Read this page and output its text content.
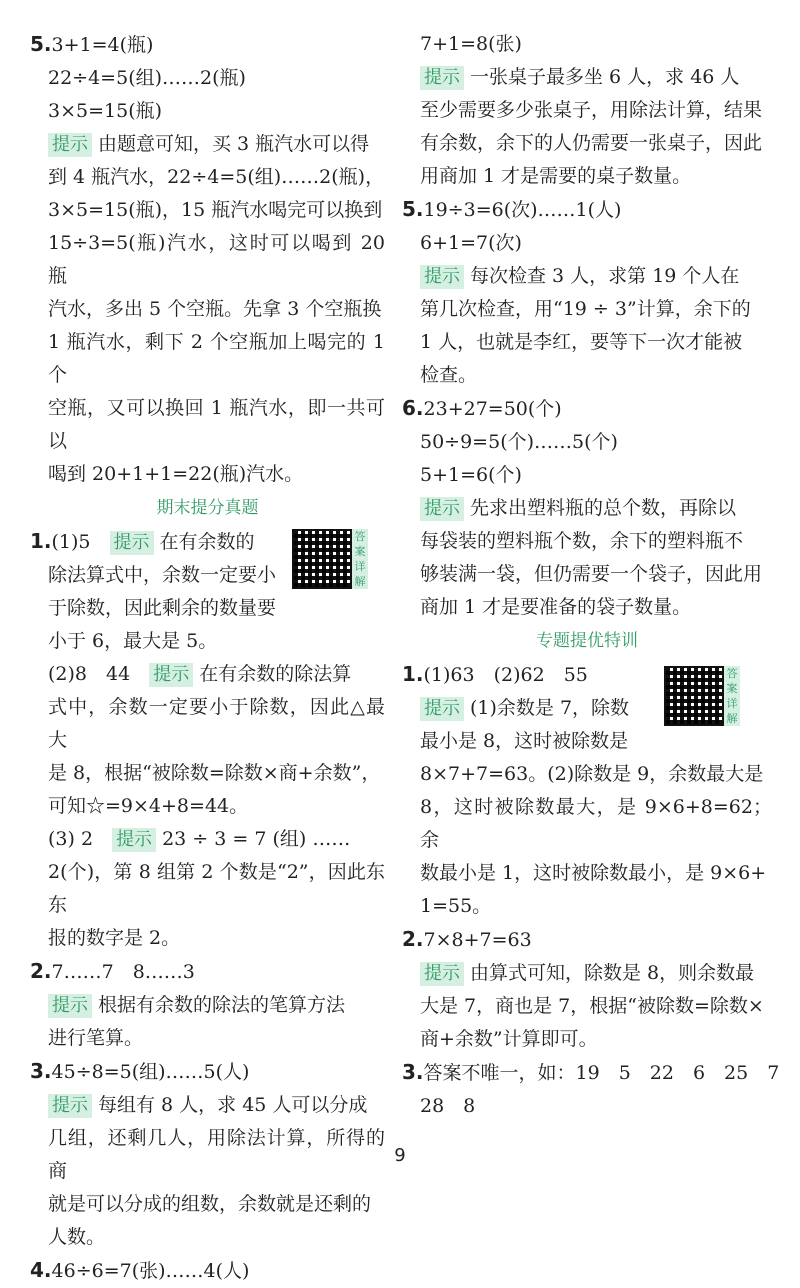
5.3+1=4(瓶)
22÷4=5(组)……2(瓶)
3×5=15(瓶)
提示 由题意可知，买 3 瓶汽水可以得
到 4 瓶汽水，22÷4=5(组)……2(瓶)，
3×5=15(瓶)，15 瓶汽水喝完可以换到
15÷3=5(瓶)汽水，这时可以喝到 20 瓶
汽水，多出 5 个空瓶。先拿 3 个空瓶换
1 瓶汽水，剩下 2 个空瓶加上喝完的 1 个
空瓶，又可以换回 1 瓶汽水，即一共可以
喝到 20+1+1=22(瓶)汽水。
期末提分真题
1.(1)5　 提示 在有余数的
除法算式中，余数一定要小
于除数，因此剩余的数量要
小于 6，最大是 5。
答案详解
(2)8　44　 提示 在有余数的除法算
式中，余数一定要小于除数，因此△最大
是 8，根据“被除数=除数×商+余数”，
可知☆=9×4+8=44。
(3) 2　 提示 23 ÷ 3 = 7 (组) ……
2(个)，第 8 组第 2 个数是“2”，因此东东
报的数字是 2。
2.7……7　8……3
提示 根据有余数的除法的笔算方法
进行笔算。
3.45÷8=5(组)……5(人)
提示 每组有 8 人，求 45 人可以分成
几组，还剩几人，用除法计算，所得的商
就是可以分成的组数，余数就是还剩的
人数。
4.46÷6=7(张)……4(人)
7+1=8(张)
提示 一张桌子最多坐 6 人，求 46 人
至少需要多少张桌子，用除法计算，结果
有余数，余下的人仍需要一张桌子，因此
用商加 1 才是需要的桌子数量。
5.19÷3=6(次)……1(人)
6+1=7(次)
提示 每次检查 3 人，求第 19 个人在
第几次检查，用“19 ÷ 3”计算，余下的
1 人，也就是李红，要等下一次才能被
检查。
6.23+27=50(个)
50÷9=5(个)……5(个)
5+1=6(个)
提示 先求出塑料瓶的总个数，再除以
每袋装的塑料瓶个数，余下的塑料瓶不
够装满一袋，但仍需要一个袋子，因此用
商加 1 才是要准备的袋子数量。
专题提优特训
1.(1)63　(2)62　55
提示 (1)余数是 7，除数
最小是 8，这时被除数是
答案详解
8×7+7=63。(2)除数是 9，余数最大是
8，这时被除数最大，是 9×6+8=62；余
数最小是 1，这时被除数最小，是 9×6+
1=55。
2.7×8+7=63
提示 由算式可知，除数是 8，则余数最
大是 7，商也是 7，根据“被除数=除数×
商+余数”计算即可。
3.答案不唯一，如：19　5　22　6　25　7
28　8
9
